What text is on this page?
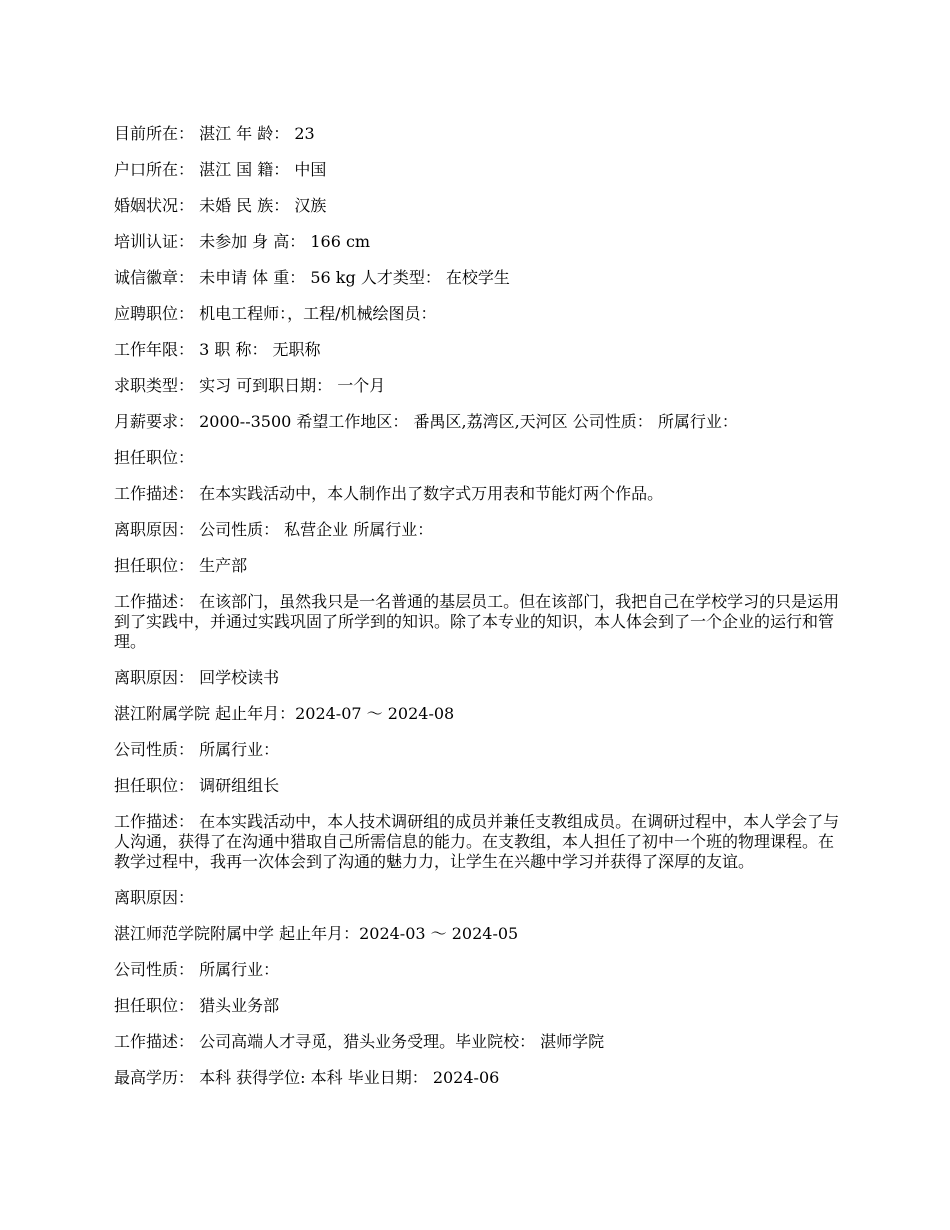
目前所在： 湛江 年 龄： 23
户口所在： 湛江 国 籍： 中国
婚姻状况： 未婚 民 族： 汉族
培训认证： 未参加 身 高： 166 cm
诚信徽章： 未申请 体 重： 56 kg 人才类型： 在校学生
应聘职位： 机电工程师：，工程/机械绘图员：
工作年限： 3 职 称： 无职称
求职类型： 实习 可到职日期： 一个月
月薪要求： 2000--3500 希望工作地区： 番禺区,荔湾区,天河区 公司性质： 所属行业：
担任职位：
工作描述： 在本实践活动中，本人制作出了数字式万用表和节能灯两个作品。
离职原因： 公司性质： 私营企业 所属行业：
担任职位： 生产部
工作描述： 在该部门，虽然我只是一名普通的基层员工。但在该部门，我把自己在学校学习的只是运用到了实践中，并通过实践巩固了所学到的知识。除了本专业的知识，本人体会到了一个企业的运行和管理。
离职原因： 回学校读书
湛江附属学院 起止年月：2024-07 ～ 2024-08
公司性质： 所属行业：
担任职位： 调研组组长
工作描述： 在本实践活动中，本人技术调研组的成员并兼任支教组成员。在调研过程中，本人学会了与人沟通，获得了在沟通中猎取自己所需信息的能力。在支教组，本人担任了初中一个班的物理课程。在教学过程中，我再一次体会到了沟通的魅力力，让学生在兴趣中学习并获得了深厚的友谊。
离职原因：
湛江师范学院附属中学 起止年月：2024-03 ～ 2024-05
公司性质： 所属行业：
担任职位： 猎头业务部
工作描述： 公司高端人才寻觅，猎头业务受理。毕业院校： 湛师学院
最高学历： 本科 获得学位: 本科 毕业日期： 2024-06
